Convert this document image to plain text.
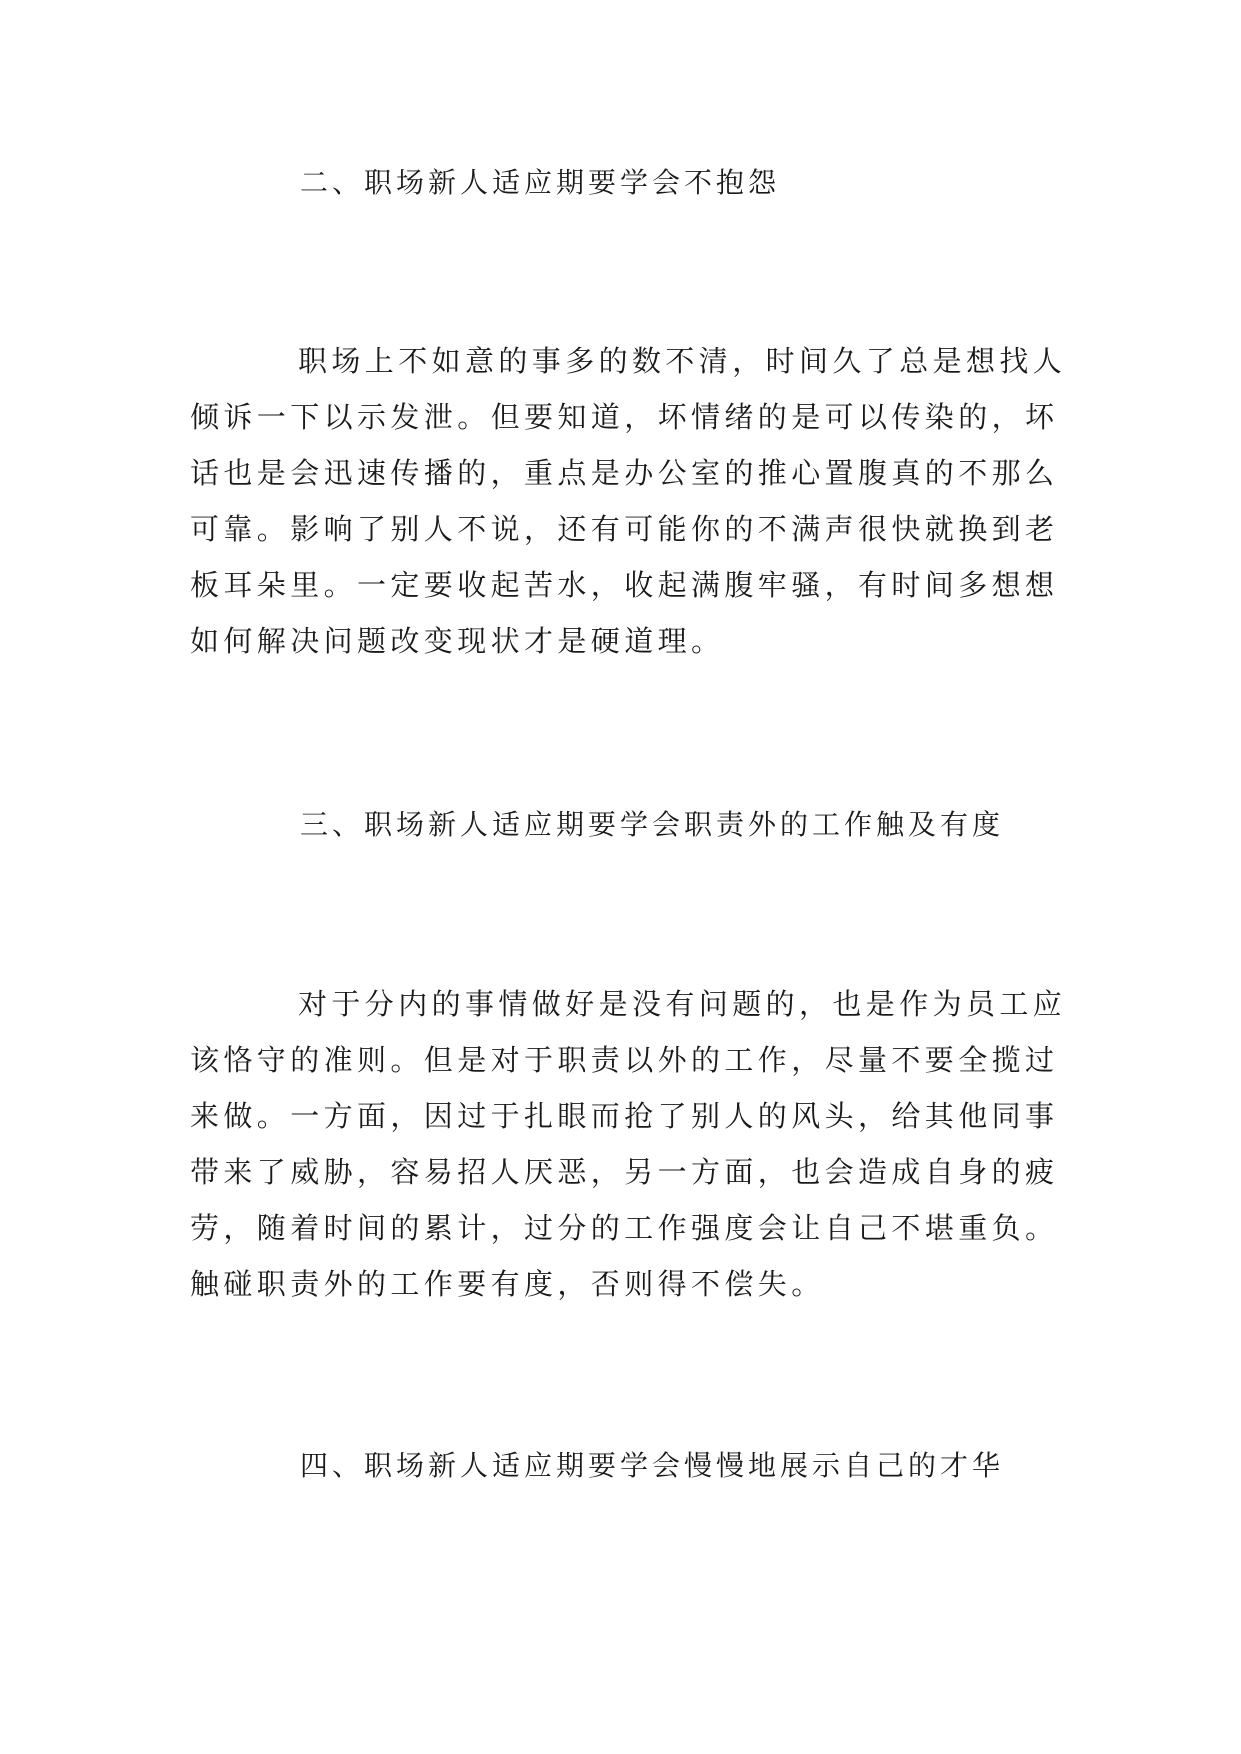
二、职场新人适应期要学会不抱怨
职场上不如意的事多的数不清，时间久了总是想找人
倾诉一下以示发泄。但要知道，坏情绪的是可以传染的，坏
话也是会迅速传播的，重点是办公室的推心置腹真的不那么
可靠。影响了别人不说，还有可能你的不满声很快就换到老
板耳朵里。一定要收起苦水，收起满腹牢骚，有时间多想想
如何解决问题改变现状才是硬道理。
三、职场新人适应期要学会职责外的工作触及有度
对于分内的事情做好是没有问题的，也是作为员工应
该恪守的准则。但是对于职责以外的工作，尽量不要全揽过
来做。一方面，因过于扎眼而抢了别人的风头，给其他同事
带来了威胁，容易招人厌恶，另一方面，也会造成自身的疲
劳，随着时间的累计，过分的工作强度会让自己不堪重负。
触碰职责外的工作要有度，否则得不偿失。
四、职场新人适应期要学会慢慢地展示自己的才华
